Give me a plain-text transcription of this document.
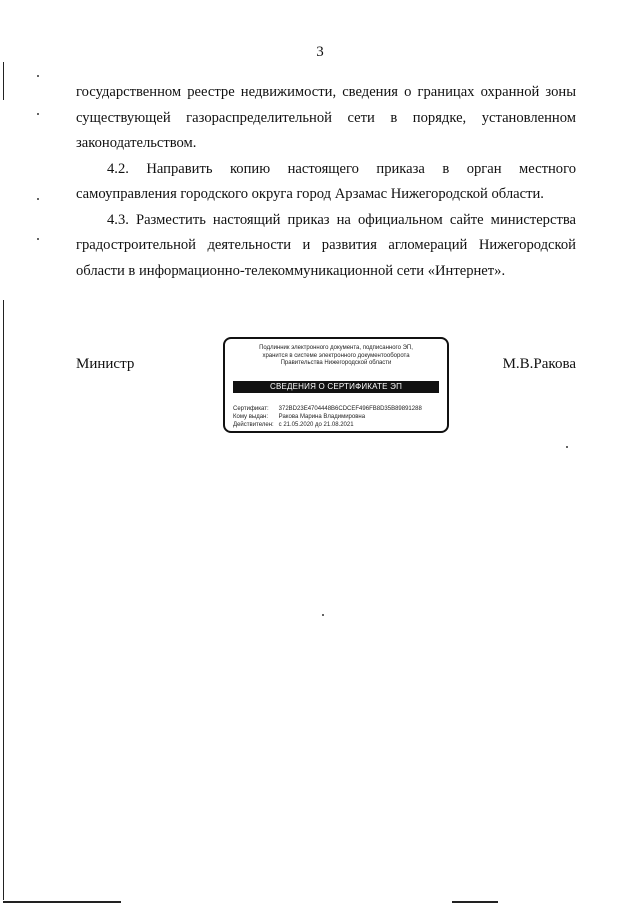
3

государственном реестре недвижимости, сведения о границах охранной зоны существующей газораспределительной сети в порядке, установленном законодательством.

4.2. Направить копию настоящего приказа в орган местного самоуправления городского округа город Арзамас Нижегородской области.

4.3. Разместить настоящий приказ на официальном сайте министерства градостроительной деятельности и развития агломераций Нижегородской области в информационно-телекоммуникационной сети «Интернет».

Министр	М.В.Ракова
Подлинник электронного документа, подписанного ЭП,
хранится в системе электронного документооборота
Правительства Нижегородской области
СВЕДЕНИЯ О СЕРТИФИКАТЕ ЭП
Сертификат: 372BD23E4704448B6CDCEF496FB8D35B89891288
Кому выдан: Ракова Марина Владимировна
Действителен: с 21.05.2020 до 21.08.2021
